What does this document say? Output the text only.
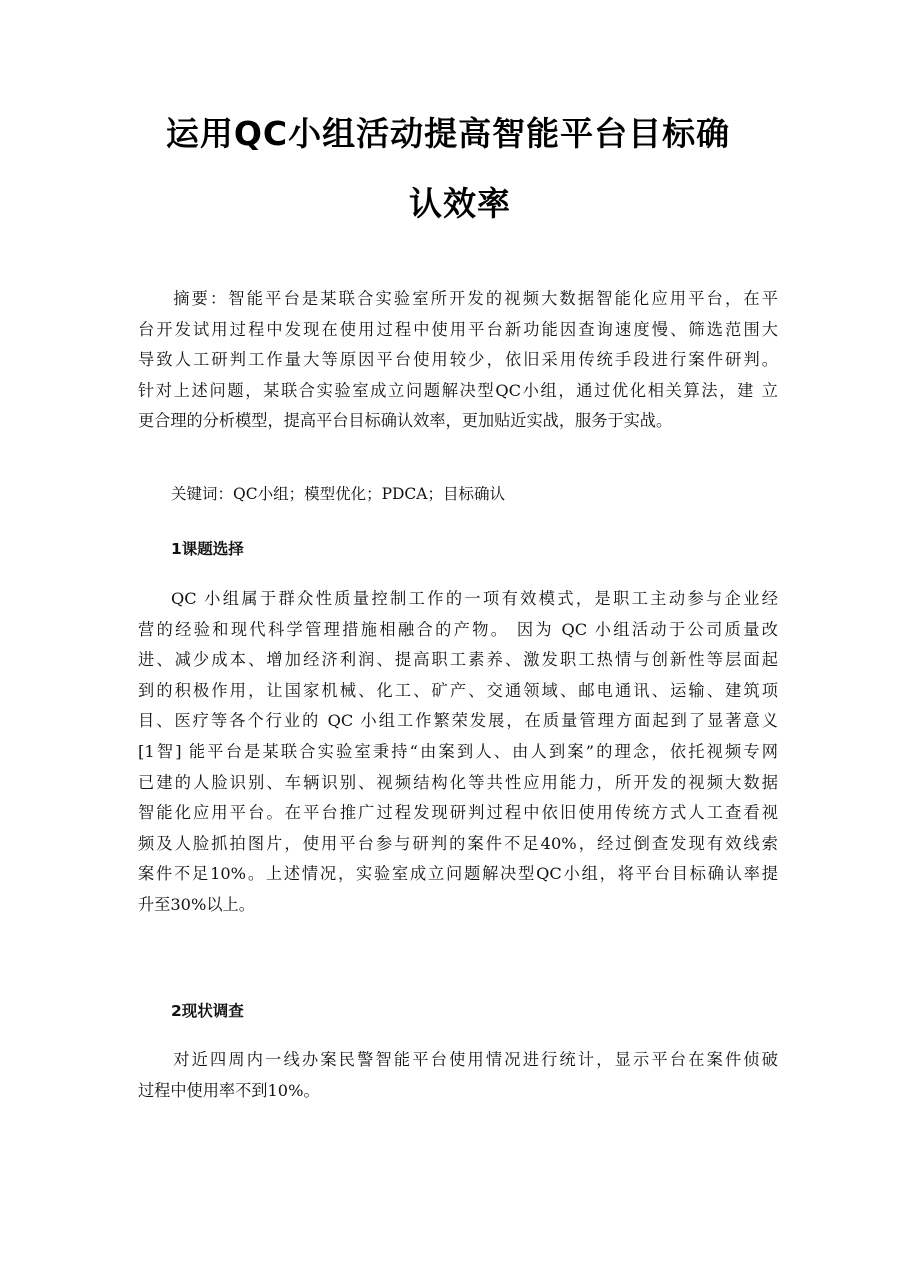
运用QC小组活动提高智能平台目标确
认效率
摘要：智能平台是某联合实验室所开发的视频大数据智能化应用平台，在平
台开发试用过程中发现在使用过程中使用平台新功能因查询速度慢、筛选范围大
导致人工研判工作量大等原因平台使用较少，依旧采用传统手段进行案件研判。
针对上述问题，某联合实验室成立问题解决型QC小组，通过优化相关算法，建 立
更合理的分析模型，提高平台目标确认效率，更加贴近实战，服务于实战。

关键词：QC小组；模型优化；PDCA；目标确认

1课题选择
QC 小组属于群众性质量控制工作的一项有效模式，是职工主动参与企业经
营的经验和现代科学管理措施相融合的产物。 因为 QC 小组活动于公司质量改
进、减少成本、增加经济利润、提高职工素养、激发职工热情与创新性等层面起
到的积极作用，让国家机械、化工、矿产、交通领域、邮电通讯、运输、建筑项
目、医疗等各个行业的 QC 小组工作繁荣发展，在质量管理方面起到了显著意义
[1智] 能平台是某联合实验室秉持“由案到人、由人到案”的理念，依托视频专网
已建的人脸识别、车辆识别、视频结构化等共性应用能力，所开发的视频大数据
智能化应用平台。在平台推广过程发现研判过程中依旧使用传统方式人工查看视
频及人脸抓拍图片，使用平台参与研判的案件不足40%，经过倒查发现有效线索
案件不足10%。上述情况，实验室成立问题解决型QC小组，将平台目标确认率提
升至30%以上。
2现状调查
对近四周内一线办案民警智能平台使用情况进行统计，显示平台在案件侦破
过程中使用率不到10%。
